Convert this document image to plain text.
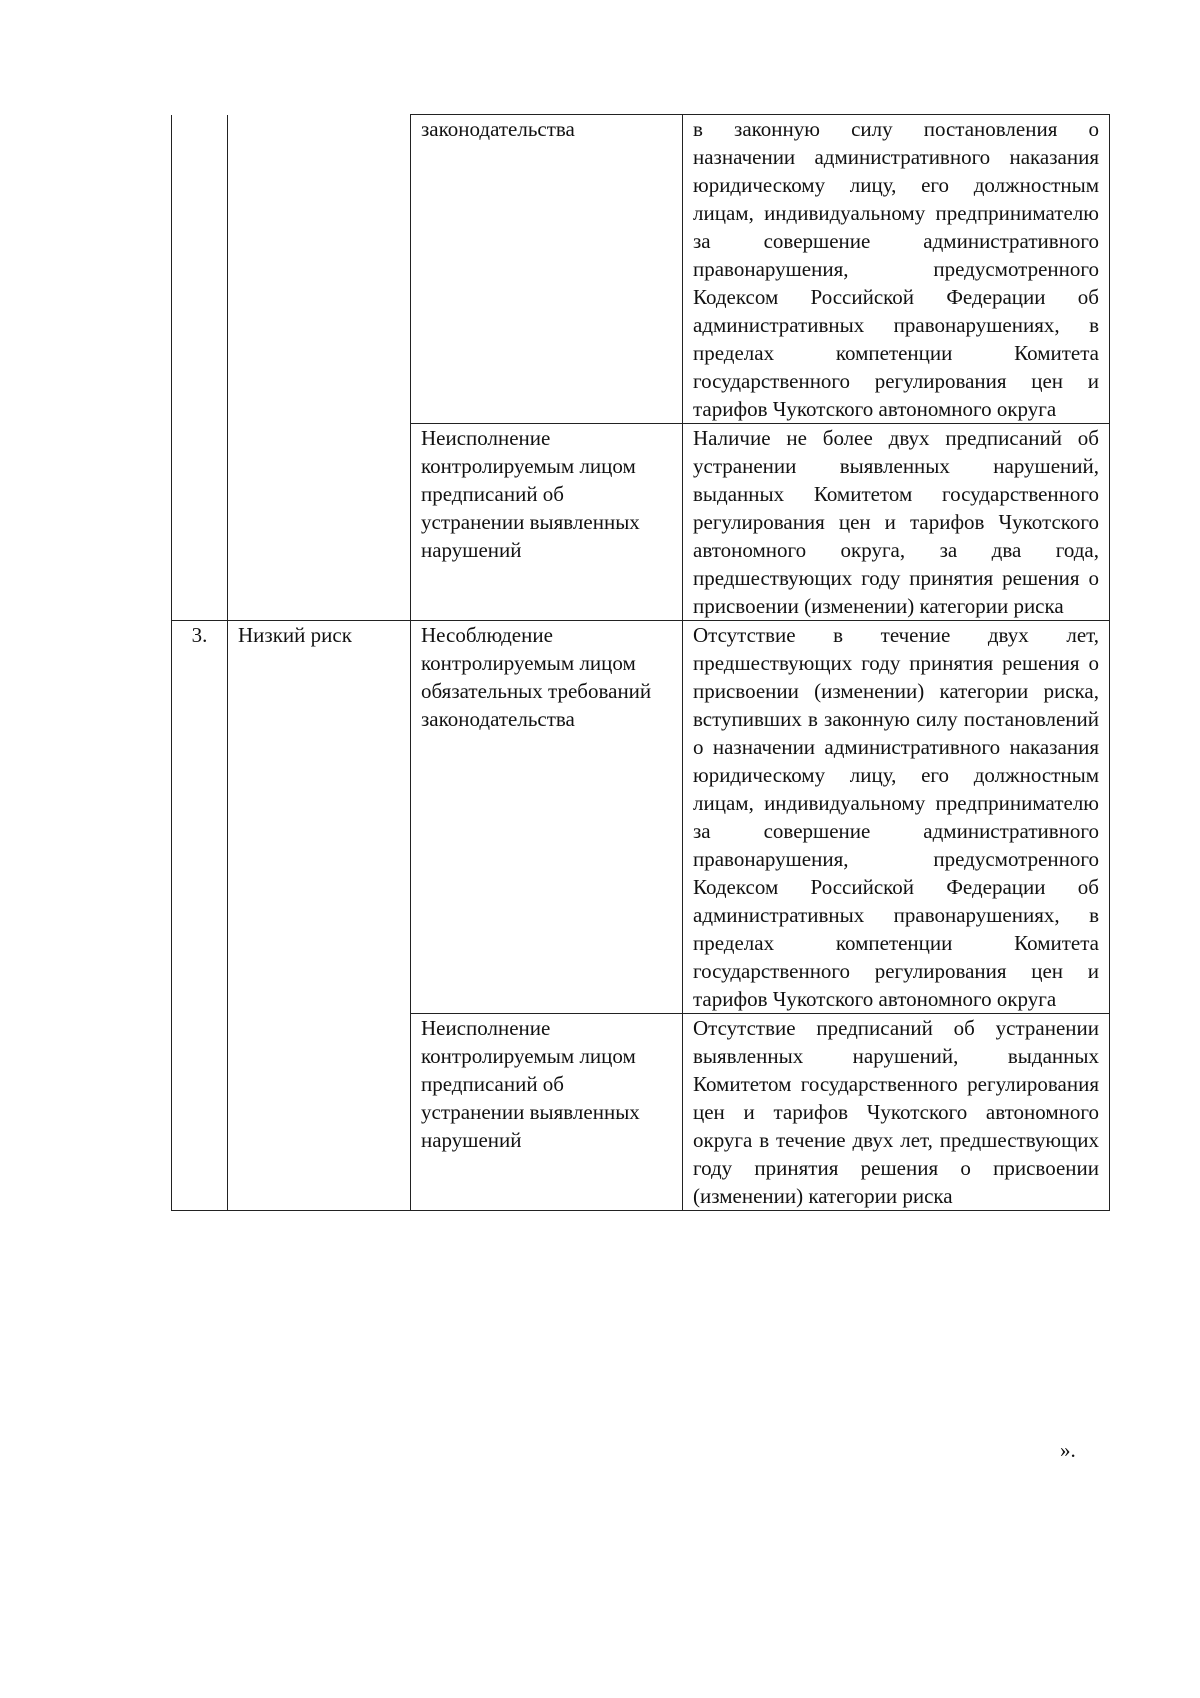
		законодательства	в законную силу постановления о назначении административного наказания юридическому лицу, его должностным лицам, индивидуальному предпринимателю за совершение административного правонарушения, предусмотренного Кодексом Российской Федерации об административных правонарушениях, в пределах компетенции Комитета государственного регулирования цен и тарифов Чукотского автономного округа
		Неисполнение контролируемым лицом предписаний об устранении выявленных нарушений	Наличие не более двух предписаний об устранении выявленных нарушений, выданных Комитетом государственного регулирования цен и тарифов Чукотского автономного округа, за два года, предшествующих году принятия решения о присвоении (изменении) категории риска
3.	Низкий риск	Несоблюдение контролируемым лицом обязательных требований законодательства	Отсутствие в течение двух лет, предшествующих году принятия решения о присвоении (изменении) категории риска, вступивших в законную силу постановлений о назначении административного наказания юридическому лицу, его должностным лицам, индивидуальному предпринимателю за совершение административного правонарушения, предусмотренного Кодексом Российской Федерации об административных правонарушениях, в пределах компетенции Комитета государственного регулирования цен и тарифов Чукотского автономного округа
		Неисполнение контролируемым лицом предписаний об устранении выявленных нарушений	Отсутствие предписаний об устранении выявленных нарушений, выданных Комитетом государственного регулирования цен и тарифов Чукотского автономного округа в течение двух лет, предшествующих году принятия решения о присвоении (изменении) категории риска
».
